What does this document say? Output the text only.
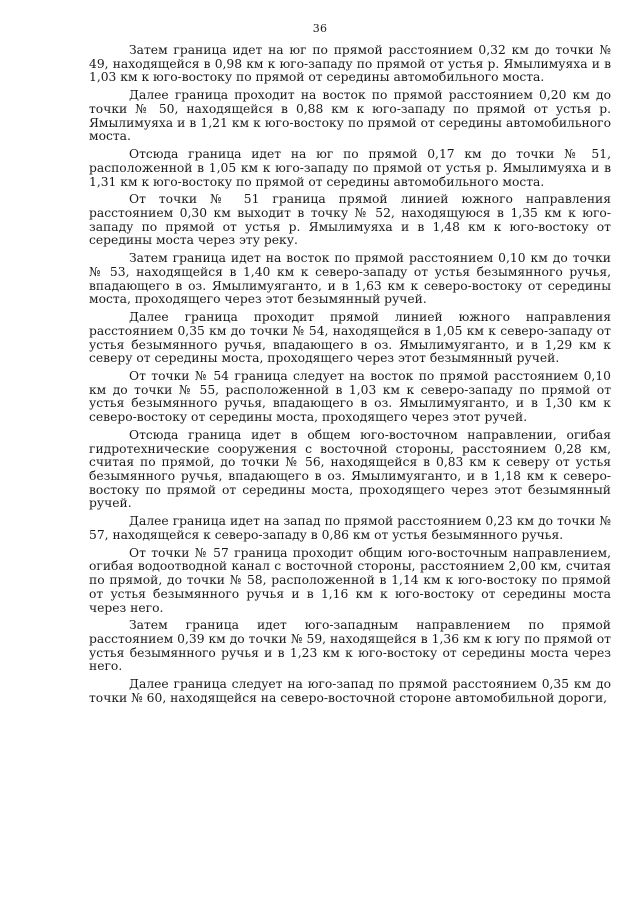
36

Затем граница идет на юг по прямой расстоянием 0,32 км до точки № 49, находящейся в 0,98 км к юго-западу по прямой от устья р. Ямылимуяха и в 1,03 км к юго-востоку по прямой от середины автомобильного моста.

Далее граница проходит на восток по прямой расстоянием 0,20 км до точки № 50, находящейся в 0,88 км к юго-западу по прямой от устья р. Ямылимуяха и в 1,21 км к юго-востоку по прямой от середины автомобильного моста.

Отсюда граница идет на юг по прямой 0,17 км до точки № 51, расположенной в 1,05 км к юго-западу по прямой от устья р. Ямылимуяха и в 1,31 км к юго-востоку по прямой от середины автомобильного моста.

От точки № 51 граница прямой линией южного направления расстоянием 0,30 км выходит в точку № 52, находящуюся в 1,35 км к юго-западу по прямой от устья р. Ямылимуяха и в 1,48 км к юго-востоку от середины моста через эту реку.

Затем граница идет на восток по прямой расстоянием 0,10 км до точки № 53, находящейся в 1,40 км к северо-западу от устья безымянного ручья, впадающего в оз. Ямылимуяганто, и в 1,63 км к северо-востоку от середины моста, проходящего через этот безымянный ручей.

Далее граница проходит прямой линией южного направления расстоянием 0,35 км до точки № 54, находящейся в 1,05 км к северо-западу от устья безымянного ручья, впадающего в оз. Ямылимуяганто, и в 1,29 км к северу от середины моста, проходящего через этот безымянный ручей.

От точки № 54 граница следует на восток по прямой расстоянием 0,10 км до точки № 55, расположенной в 1,03 км к северо-западу по прямой от устья безымянного ручья, впадающего в оз. Ямылимуяганто, и в 1,30 км к северо-востоку от середины моста, проходящего через этот ручей.

Отсюда граница идет в общем юго-восточном направлении, огибая гидротехнические сооружения с восточной стороны, расстоянием 0,28 км, считая по прямой, до точки № 56, находящейся в 0,83 км к северу от устья безымянного ручья, впадающего в оз. Ямылимуяганто, и в 1,18 км к северо-востоку по прямой от середины моста, проходящего через этот безымянный ручей.

Далее граница идет на запад по прямой расстоянием 0,23 км до точки № 57, находящейся к северо-западу в 0,86 км от устья безымянного ручья.

От точки № 57 граница проходит общим юго-восточным направлением, огибая водоотводной канал с восточной стороны, расстоянием 2,00 км, считая по прямой, до точки № 58, расположенной в 1,14 км к юго-востоку по прямой от устья безымянного ручья и в 1,16 км к юго-востоку от середины моста через него.

Затем граница идет юго-западным направлением по прямой расстоянием 0,39 км до точки № 59, находящейся в 1,36 км к югу по прямой от устья безымянного ручья и в 1,23 км к юго-востоку от середины моста через него.

Далее граница следует на юго-запад по прямой расстоянием 0,35 км до точки № 60, находящейся на северо-восточной стороне автомобильной дороги,
